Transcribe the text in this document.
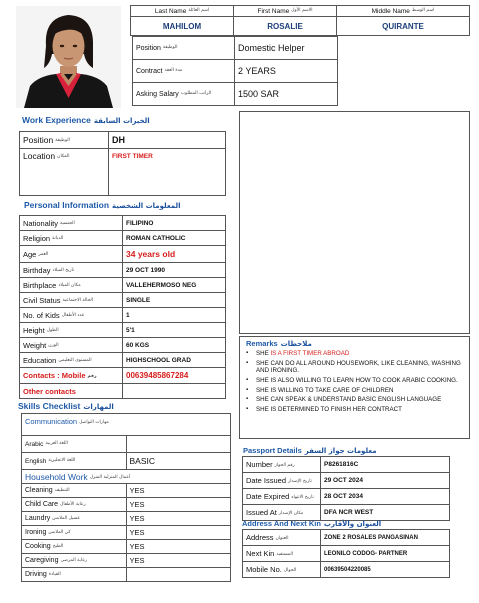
Last Name اسم العائلة	First Name الاسم الأول	Middle Name اسم الوسط
MAHILOM	ROSALIE	QUIRANTE
Position الوظيفة	Domestic Helper
Contract مدة العقد	2 YEARS
Asking Salary الراتب المطلوب	1500 SAR
Work Experience الخبرات السابقة
Position الوظيفة	DH
Location المكان	FIRST TIMER
Personal Information المعلومات الشخصية
Nationality الجنسية	FILIPINO
Religion الديانة	ROMAN CATHOLIC
Age العمر	34 years old
Birthday تاريخ الميلاد	29 OCT 1990
Birthplace مكان الميلاد	VALLEHERMOSO NEG
Civil Status الحالة الاجتماعية	SINGLE
No. of Kids عدد الأطفال	1
Height الطول	5'1
Weight الوزن	60 KGS
Education المستوى التعليمي	HIGHSCHOOL GRAD
Contacts : Mobile رقم	00639485867284
Other contacts	
Skills Checklist المهارات
Communication مهارات التواصل	
Arabic اللغة العربية	
English اللغة الانجليزية	BASIC
Household Work أعمال المنزلية المنزل	
Cleaning التنظيف	YES
Child Care رعاية الأطفال	YES
Laundry غسيل الملابس	YES
Ironing كي الملابس	YES
Cooking الطبخ	YES
Caregiving رعاية المرضى	YES
Driving القيادة	
Remarks ملاحظات
▪ SHE IS A FIRST TIMER ABROAD
▪ SHE CAN DO ALL AROUND HOUSEWORK, LIKE CLEANING, WASHING AND IRONING.
▪ SHE IS ALSO WILLING TO LEARN HOW TO COOK ARABIC COOKING.
▪ SHE IS WILLING TO TAKE CARE OF CHILDREN
▪ SHE CAN SPEAK & UNDERSTAND BASIC ENGLISH LANGUAGE
▪ SHE IS DETERMINED TO FINISH HER CONTRACT
Passport Details معلومات جواز السفر
Number رقم الجواز	P8261816C
Date Issued تاريخ الإصدار	29 OCT 2024
Date Expired تاريخ الانتهاء	28 OCT 2034
Issued At مكان الإصدار	DFA NCR WEST
Address And Next Kin العنوان والأقارب
Address العنوان	ZONE 2 ROSALES PANGASINAN
Next Kin المستفيد	LEONILO CODOG- PARTNER
Mobile No. الجوال	00639504220085
